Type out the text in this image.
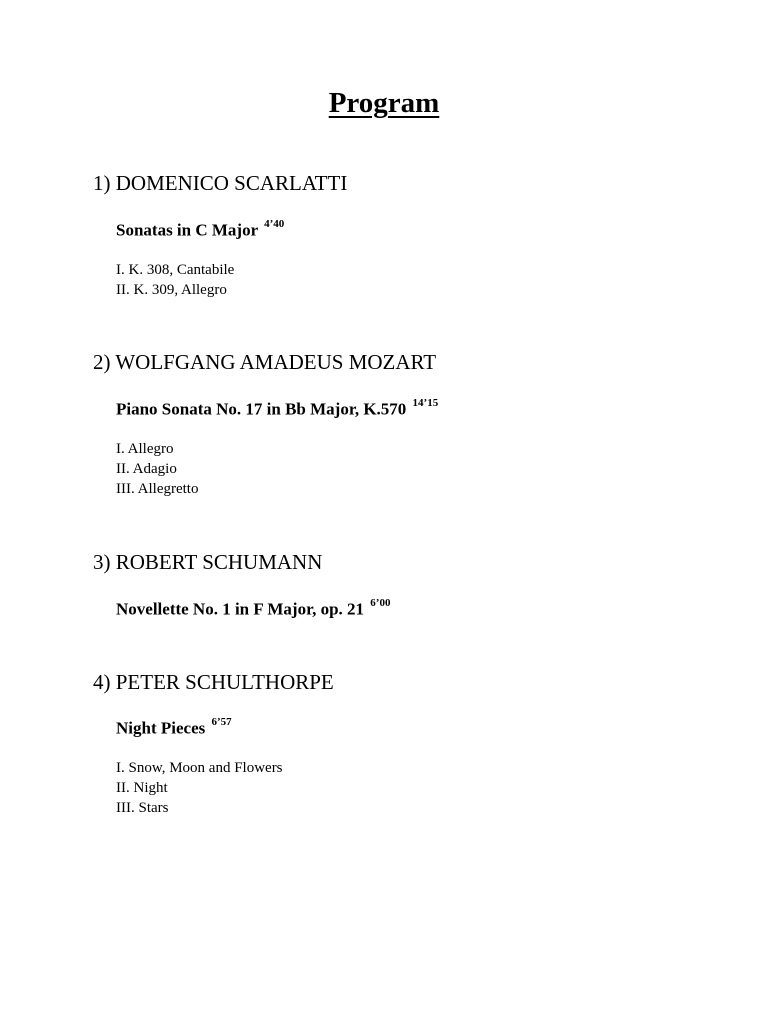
Program
1) DOMENICO SCARLATTI
Sonatas in C Major $^{4’40}$
I. K. 308, Cantabile
II. K. 309, Allegro
2) WOLFGANG AMADEUS MOZART
Piano Sonata No. 17 in Bb Major, K.570 $^{14’15}$
I. Allegro
II. Adagio
III. Allegretto
3) ROBERT SCHUMANN
Novellette No. 1 in F Major, op. 21 $^{6’00}$
4) PETER SCHULTHORPE
Night Pieces $^{6’57}$
I. Snow, Moon and Flowers
II. Night
III. Stars
